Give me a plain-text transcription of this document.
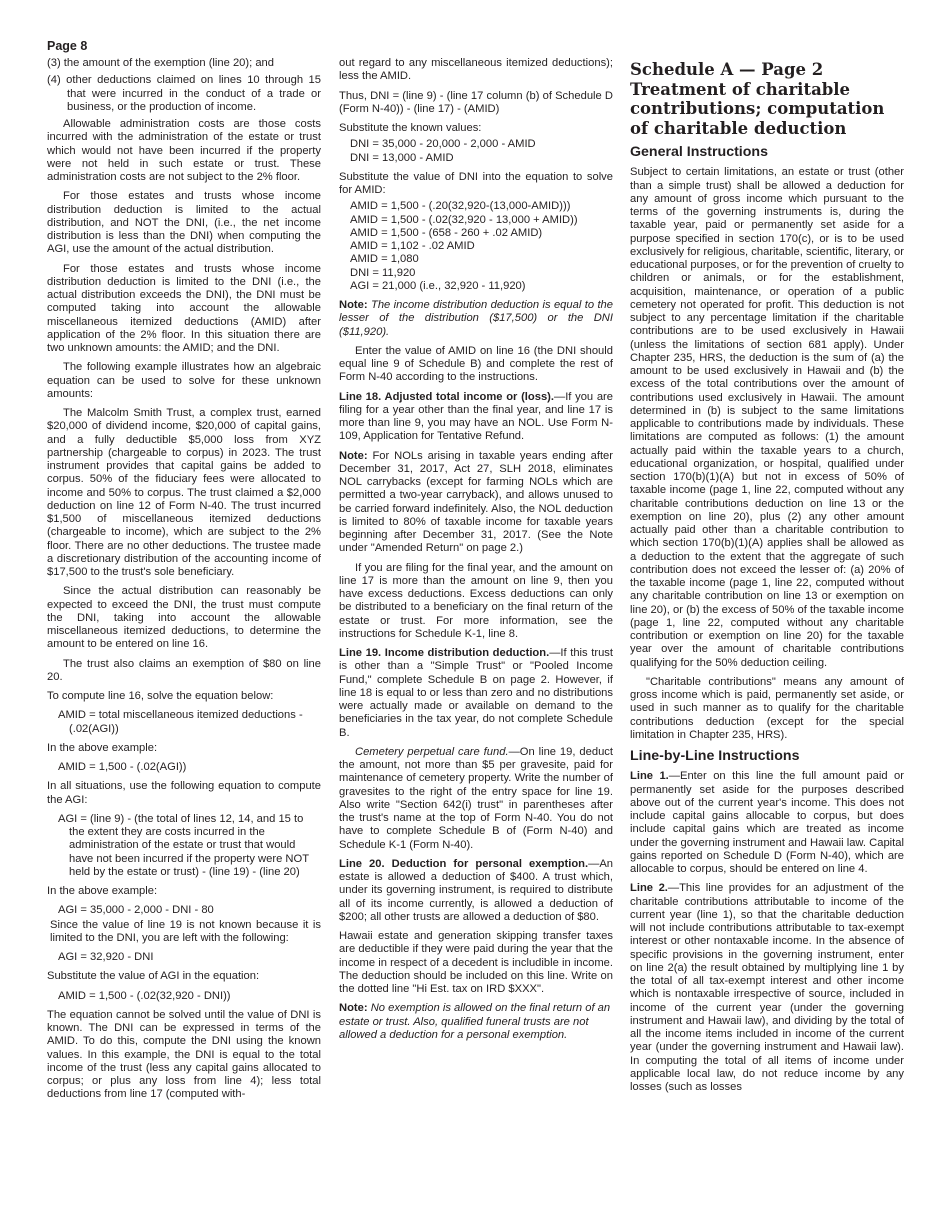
Page 8

(3) the amount of the exemption (line 20); and

(4) other deductions claimed on lines 10 through 15 that were incurred in the conduct of a trade or business, or the production of income.

Allowable administration costs are those costs incurred with the administration of the estate or trust which would not have been incurred if the property were not held in such estate or trust. These administration costs are not subject to the 2% floor.

For those estates and trusts whose income distribution deduction is limited to the actual distribution, and NOT the DNI, (i.e., the net income distribution is less than the DNI) when computing the AGI, use the amount of the actual distribution.

For those estates and trusts whose income distribution deduction is limited to the DNI (i.e., the actual distribution exceeds the DNI), the DNI must be computed taking into account the allowable miscellaneous itemized deductions (AMID) after application of the 2% floor. In this situation there are two unknown amounts: the AMID; and the DNI.

The following example illustrates how an algebraic equation can be used to solve for these unknown amounts:

The Malcolm Smith Trust, a complex trust, earned $20,000 of dividend income, $20,000 of capital gains, and a fully deductible $5,000 loss from XYZ partnership (chargeable to corpus) in 2023. The trust instrument provides that capital gains be added to corpus. 50% of the fiduciary fees were allocated to income and 50% to corpus. The trust claimed a $2,000 deduction on line 12 of Form N-40. The trust incurred $1,500 of miscellaneous itemized deductions (chargeable to income), which are subject to the 2% floor. There are no other deductions. The trustee made a discretionary distribution of the accounting income of $17,500 to the trust's sole beneficiary.

Since the actual distribution can reasonably be expected to exceed the DNI, the trust must compute the DNI, taking into account the allowable miscellaneous itemized deductions, to determine the amount to be entered on line 16.

The trust also claims an exemption of $80 on line 20.

To compute line 16, solve the equation below:

AMID = total miscellaneous itemized deductions - (.02(AGI))

In the above example:

AMID = 1,500 - (.02(AGI))

In all situations, use the following equation to compute the AGI:

AGI = (line 9) - (the total of lines 12, 14, and 15 to the extent they are costs incurred in the administration of the estate or trust that would have not been incurred if the property were NOT held by the estate or trust) - (line 19) - (line 20)

In the above example:

AGI = 35,000 - 2,000 - DNI - 80

Since the value of line 19 is not known because it is limited to the DNI, you are left with the following:

AGI = 32,920 - DNI

Substitute the value of AGI in the equation:

AMID = 1,500 - (.02(32,920 - DNI))

The equation cannot be solved until the value of DNI is known. The DNI can be expressed in terms of the AMID. To do this, compute the DNI using the known values. In this example, the DNI is equal to the total income of the trust (less any capital gains allocated to corpus; or plus any loss from line 4); less total deductions from line 17 (computed with-

out regard to any miscellaneous itemized deductions); less the AMID.

Thus, DNI = (line 9) - (line 17 column (b) of Schedule D (Form N-40)) - (line 17) - (AMID)

Substitute the known values:

DNI = 35,000 - 20,000 - 2,000 - AMID
DNI = 13,000 - AMID

Substitute the value of DNI into the equation to solve for AMID:

AMID = 1,500 - (.20(32,920-(13,000-AMID)))
AMID = 1,500 - (.02(32,920 - 13,000 + AMID))
AMID = 1,500 - (658 - 260 + .02 AMID)
AMID = 1,102 - .02 AMID
AMID = 1,080
DNI = 11,920
AGI = 21,000 (i.e., 32,920 - 11,920)

Note: The income distribution deduction is equal to the lesser of the distribution ($17,500) or the DNI ($11,920).

Enter the value of AMID on line 16 (the DNI should equal line 9 of Schedule B) and complete the rest of Form N-40 according to the instructions.

Line 18. Adjusted total income or (loss).—If you are filing for a year other than the final year, and line 17 is more than line 9, you may have an NOL. Use Form N-109, Application for Tentative Refund.

Note: For NOLs arising in taxable years ending after December 31, 2017, Act 27, SLH 2018, eliminates NOL carrybacks (except for farming NOLs which are permitted a two-year carryback), and allows unused to be carried forward indefinitely. Also, the NOL deduction is limited to 80% of taxable income for taxable years beginning after December 31, 2017. (See the Note under "Amended Return" on page 2.)

If you are filing for the final year, and the amount on line 17 is more than the amount on line 9, then you have excess deductions. Excess deductions can only be distributed to a beneficiary on the final return of the estate or trust. For more information, see the instructions for Schedule K-1, line 8.

Line 19. Income distribution deduction.—If this trust is other than a "Simple Trust" or "Pooled Income Fund," complete Schedule B on page 2. However, if line 18 is equal to or less than zero and no distributions were actually made or available on demand to the beneficiaries in the tax year, do not complete Schedule B.

Cemetery perpetual care fund.—On line 19, deduct the amount, not more than $5 per gravesite, paid for maintenance of cemetery property. Write the number of gravesites to the right of the entry space for line 19. Also write "Section 642(i) trust" in parentheses after the trust's name at the top of Form N-40. You do not have to complete Schedule B of (Form N-40) and Schedule K-1 (Form N-40).

Line 20. Deduction for personal exemption.—An estate is allowed a deduction of $400. A trust which, under its governing instrument, is required to distribute all of its income currently, is allowed a deduction of $200; all other trusts are allowed a deduction of $80.

Hawaii estate and generation skipping transfer taxes are deductible if they were paid during the year that the income in respect of a decedent is includible in income. The deduction should be included on this line. Write on the dotted line "Hi Est. tax on IRD $XXX".

Note: No exemption is allowed on the final return of an estate or trust. Also, qualified funeral trusts are not allowed a deduction for a personal exemption.

Schedule A — Page 2 Treatment of charitable contributions; computation of charitable deduction
General Instructions

Subject to certain limitations, an estate or trust (other than a simple trust) shall be allowed a deduction for any amount of gross income which pursuant to the terms of the governing instruments is, during the taxable year, paid or permanently set aside for a purpose specified in section 170(c), or is to be used exclusively for religious, charitable, scientific, literary, or educational purposes, or for the prevention of cruelty to children or animals, or for the establishment, acquisition, maintenance, or operation of a public cemetery not operated for profit. This deduction is not subject to any percentage limitation if the charitable contributions are to be used exclusively in Hawaii (unless the limitations of section 681 apply). Under Chapter 235, HRS, the deduction is the sum of (a) the amount to be used exclusively in Hawaii and (b) the excess of the total contributions over the amount of contributions used exclusively in Hawaii. The amount determined in (b) is subject to the same limitations applicable to contributions made by individuals. These limitations are computed as follows: (1) the amount actually paid within the taxable years to a church, educational organization, or hospital, qualified under section 170(b)(1)(A) but not in excess of 50% of taxable income (page 1, line 22, computed without any charitable contributions deduction on line 13 or the exemption on line 20), plus (2) any other amount actually paid other than a charitable contribution to which section 170(b)(1)(A) applies shall be allowed as a deduction to the extent that the aggregate of such contribution does not exceed the lesser of: (a) 20% of the taxable income (page 1, line 22, computed without any charitable contribution on line 13 or exemption on line 20), or (b) the excess of 50% of the taxable income (page 1, line 22, computed without any charitable contribution or exemption on line 20) for the taxable year over the amount of charitable contributions qualifying for the 50% deduction ceiling.

"Charitable contributions" means any amount of gross income which is paid, permanently set aside, or used in such manner as to qualify for the charitable contributions deduction (except for the special limitation in Chapter 235, HRS).

Line-by-Line Instructions

Line 1.—Enter on this line the full amount paid or permanently set aside for the purposes described above out of the current year's income. This does not include capital gains allocable to corpus, but does include capital gains which are treated as income under the governing instrument and Hawaii law. Capital gains reported on Schedule D (Form N-40), which are allocable to corpus, should be entered on line 4.

Line 2.—This line provides for an adjustment of the charitable contributions attributable to income of the current year (line 1), so that the charitable deduction will not include contributions attributable to tax-exempt interest or other nontaxable income. In the absence of specific provisions in the governing instrument, enter on line 2(a) the result obtained by multiplying line 1 by the total of all tax-exempt interest and other income which is nontaxable irrespective of source, included in income of the current year (under the governing instrument and Hawaii law), and dividing by the total of all the income items included in income of the current year (under the governing instrument and Hawaii law). In computing the total of all items of income under applicable local law, do not reduce income by any losses (such as losses
